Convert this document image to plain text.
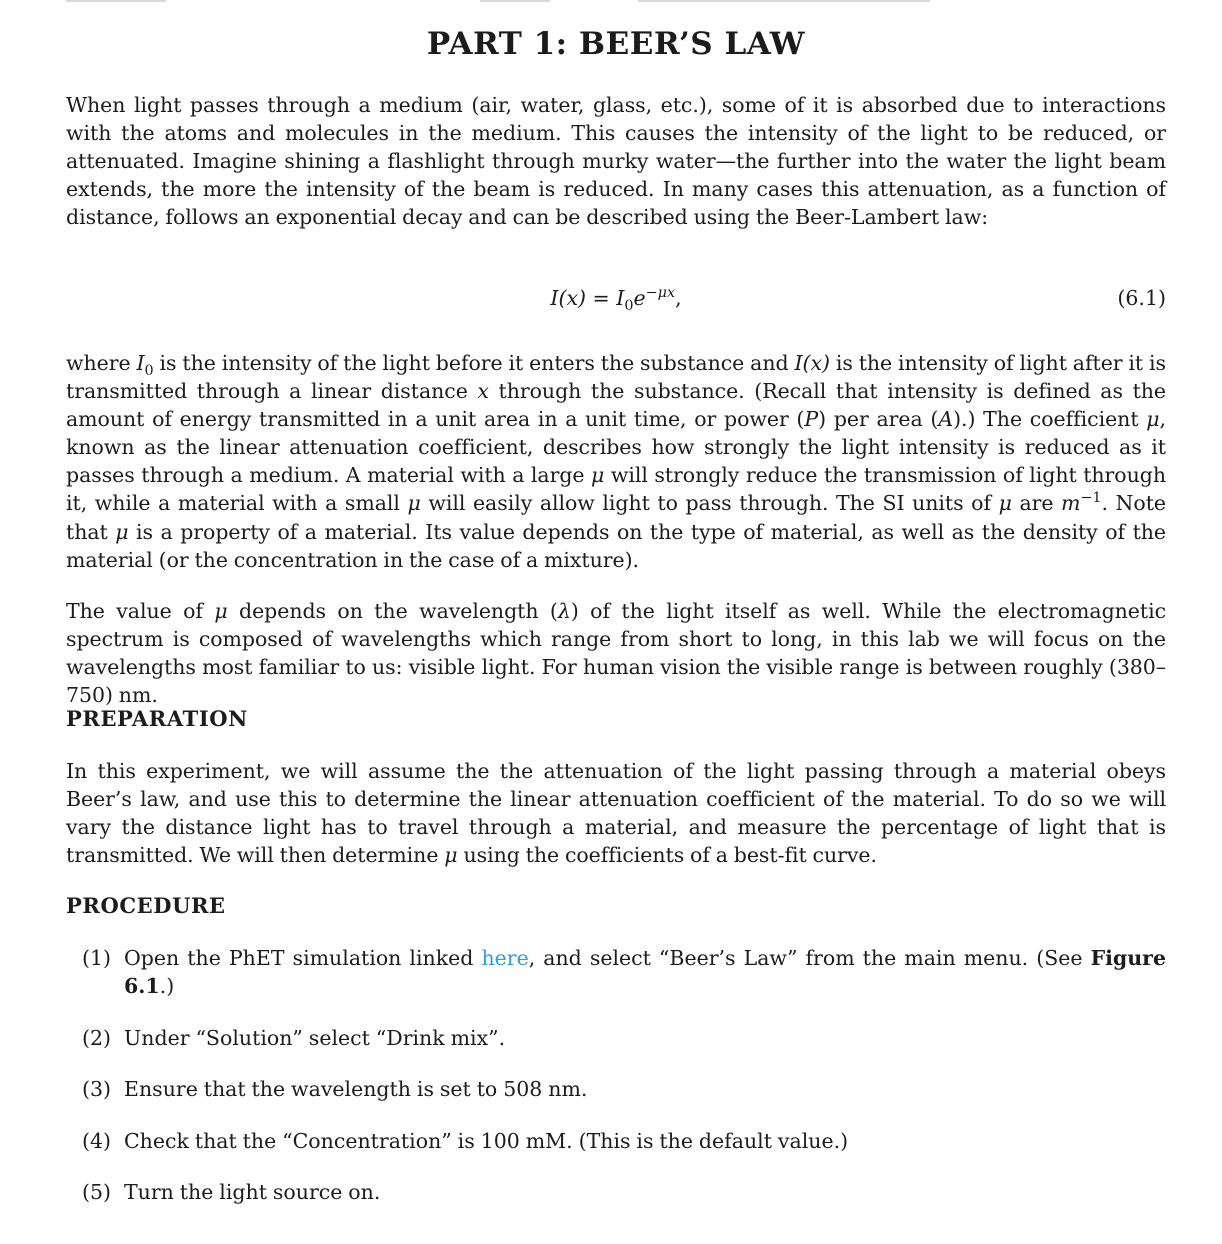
PART 1: BEER’S LAW

When light passes through a medium (air, water, glass, etc.), some of it is absorbed due to interactions with the atoms and molecules in the medium. This causes the intensity of the light to be reduced, or attenuated. Imagine shining a flashlight through murky water—the further into the water the light beam extends, the more the intensity of the beam is reduced. In many cases this attenuation, as a function of distance, follows an exponential decay and can be described using the Beer-Lambert law:

$I(x) = I_0e^{-\mu x}$,	(6.1)

where $I_0$ is the intensity of the light before it enters the substance and I(x) is the intensity of light after it is transmitted through a linear distance x through the substance. (Recall that intensity is defined as the amount of energy transmitted in a unit area in a unit time, or power (P) per area (A).) The coefficient μ, known as the linear attenuation coefficient, describes how strongly the light intensity is reduced as it passes through a medium. A material with a large μ will strongly reduce the transmission of light through it, while a material with a small μ will easily allow light to pass through. The SI units of μ are $m^{-1}$. Note that μ is a property of a material. Its value depends on the type of material, as well as the density of the material (or the concentration in the case of a mixture).

The value of μ depends on the wavelength (λ) of the light itself as well. While the electromagnetic spectrum is composed of wavelengths which range from short to long, in this lab we will focus on the wavelengths most familiar to us: visible light. For human vision the visible range is between roughly (380–750) nm.

PREPARATION

In this experiment, we will assume the the attenuation of the light passing through a material obeys Beer’s law, and use this to determine the linear attenuation coefficient of the material. To do so we will vary the distance light has to travel through a material, and measure the percentage of light that is transmitted. We will then determine μ using the coefficients of a best-fit curve.

PROCEDURE
(1) Open the PhET simulation linked here, and select “Beer’s Law” from the main menu. (See Figure 6.1.)
(2) Under “Solution” select “Drink mix”.
(3) Ensure that the wavelength is set to 508 nm.
(4) Check that the “Concentration” is 100 mM. (This is the default value.)
(5) Turn the light source on.
